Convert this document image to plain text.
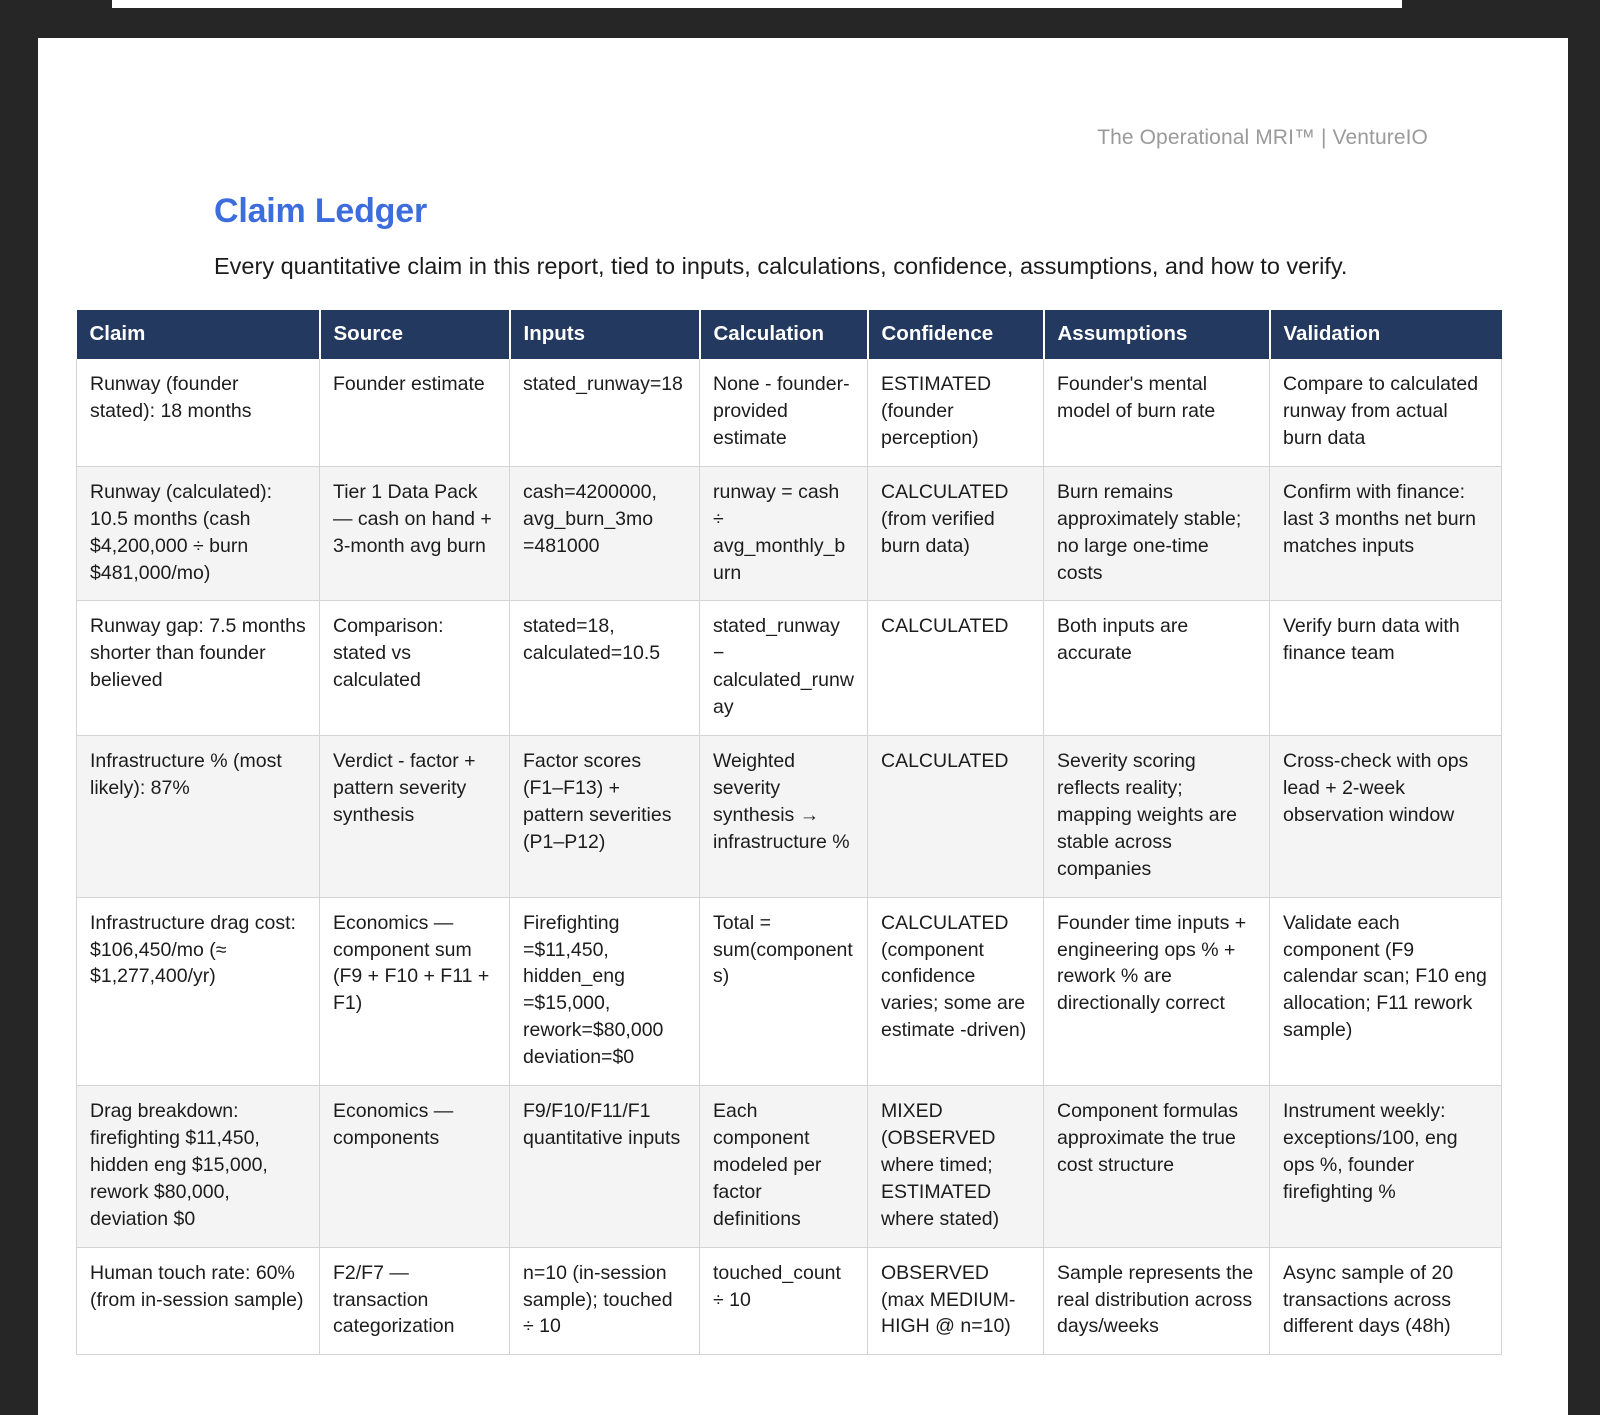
The Operational MRI™ | VentureIO
Claim Ledger

Every quantitative claim in this report, tied to inputs, calculations, confidence, assumptions, and how to verify.

Claim	Source	Inputs	Calculation	Confidence	Assumptions	Validation
Runway (founder stated): 18 months	Founder estimate	stated_runway=18	None - founder-provided estimate	ESTIMATED (founder perception)	Founder's mental model of burn rate	Compare to calculated runway from actual burn data
Runway (calculated): 10.5 months (cash $4,200,000 ÷ burn $481,000/mo)	Tier 1 Data Pack — cash on hand + 3-month avg burn	cash=4200000, avg_burn_3mo =481000	runway = cash ÷ avg_monthly_burn	CALCULATED (from verified burn data)	Burn remains approximately stable; no large one-time costs	Confirm with finance: last 3 months net burn matches inputs
Runway gap: 7.5 months shorter than founder believed	Comparison: stated vs calculated	stated=18, calculated=10.5	stated_runway − calculated_runway	CALCULATED	Both inputs are accurate	Verify burn data with finance team
Infrastructure % (most likely): 87%	Verdict - factor + pattern severity synthesis	Factor scores (F1–F13) + pattern severities (P1–P12)	Weighted severity synthesis → infrastructure %	CALCULATED	Severity scoring reflects reality; mapping weights are stable across companies	Cross-check with ops lead + 2-week observation window
Infrastructure drag cost: $106,450/mo (≈ $1,277,400/yr)	Economics — component sum (F9 + F10 + F11 + F1)	Firefighting =$11,450, hidden_eng =$15,000, rework=$80,000 deviation=$0	Total = sum(components)	CALCULATED (component confidence varies; some are estimate -driven)	Founder time inputs + engineering ops % + rework % are directionally correct	Validate each component (F9 calendar scan; F10 eng allocation; F11 rework sample)
Drag breakdown: firefighting $11,450, hidden eng $15,000, rework $80,000, deviation $0	Economics — components	F9/F10/F11/F1 quantitative inputs	Each component modeled per factor definitions	MIXED (OBSERVED where timed; ESTIMATED where stated)	Component formulas approximate the true cost structure	Instrument weekly: exceptions/100, eng ops %, founder firefighting %
Human touch rate: 60% (from in-session sample)	F2/F7 — transaction categorization	n=10 (in-session sample); touched ÷ 10	touched_count ÷ 10	OBSERVED (max MEDIUM-HIGH @ n=10)	Sample represents the real distribution across days/weeks	Async sample of 20 transactions across different days (48h)
